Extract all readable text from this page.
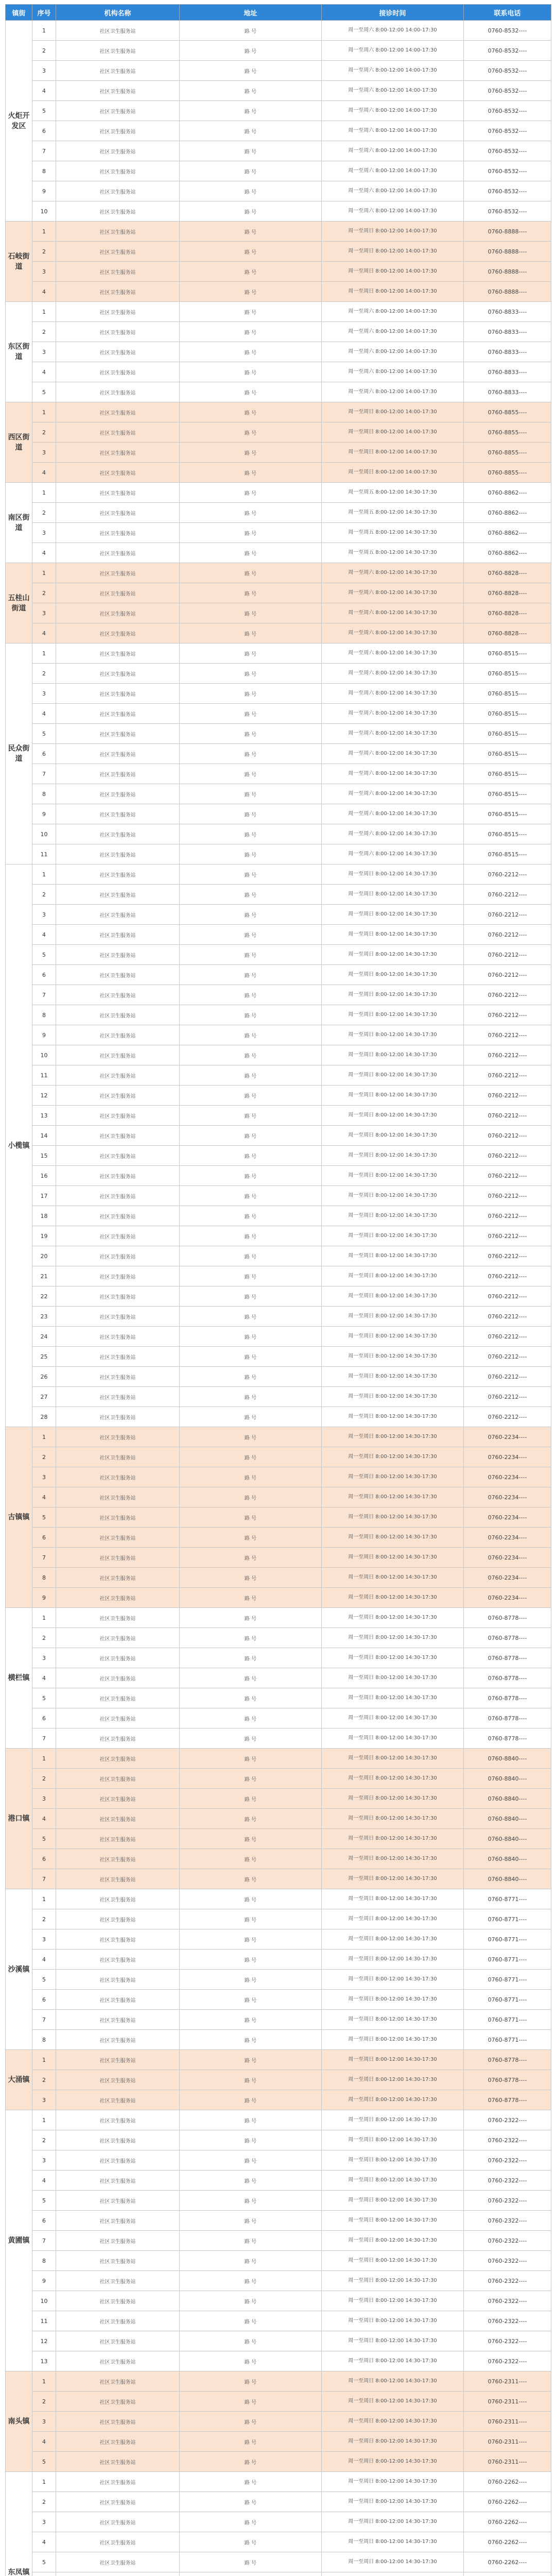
镇街	序号	机构名称	地址	接诊时间	联系电话
火炬开发区	1	社区卫生服务站	路 号	周一至周六 8:00-12:00 14:00-17:30	0760-8532----
	2	社区卫生服务站	路 号	周一至周六 8:00-12:00 14:00-17:30	0760-8532----
	3	社区卫生服务站	路 号	周一至周六 8:00-12:00 14:00-17:30	0760-8532----
	4	社区卫生服务站	路 号	周一至周六 8:00-12:00 14:00-17:30	0760-8532----
	5	社区卫生服务站	路 号	周一至周六 8:00-12:00 14:00-17:30	0760-8532----
	6	社区卫生服务站	路 号	周一至周六 8:00-12:00 14:00-17:30	0760-8532----
	7	社区卫生服务站	路 号	周一至周六 8:00-12:00 14:00-17:30	0760-8532----
	8	社区卫生服务站	路 号	周一至周六 8:00-12:00 14:00-17:30	0760-8532----
	9	社区卫生服务站	路 号	周一至周六 8:00-12:00 14:00-17:30	0760-8532----
	10	社区卫生服务站	路 号	周一至周六 8:00-12:00 14:00-17:30	0760-8532----
石岐街道	1	社区卫生服务站	路 号	周一至周日 8:00-12:00 14:00-17:30	0760-8888----
	2	社区卫生服务站	路 号	周一至周日 8:00-12:00 14:00-17:30	0760-8888----
	3	社区卫生服务站	路 号	周一至周日 8:00-12:00 14:00-17:30	0760-8888----
	4	社区卫生服务站	路 号	周一至周日 8:00-12:00 14:00-17:30	0760-8888----
东区街道	1	社区卫生服务站	路 号	周一至周六 8:00-12:00 14:00-17:30	0760-8833----
	2	社区卫生服务站	路 号	周一至周六 8:00-12:00 14:00-17:30	0760-8833----
	3	社区卫生服务站	路 号	周一至周六 8:00-12:00 14:00-17:30	0760-8833----
	4	社区卫生服务站	路 号	周一至周六 8:00-12:00 14:00-17:30	0760-8833----
	5	社区卫生服务站	路 号	周一至周六 8:00-12:00 14:00-17:30	0760-8833----
西区街道	1	社区卫生服务站	路 号	周一至周日 8:00-12:00 14:00-17:30	0760-8855----
	2	社区卫生服务站	路 号	周一至周日 8:00-12:00 14:00-17:30	0760-8855----
	3	社区卫生服务站	路 号	周一至周日 8:00-12:00 14:00-17:30	0760-8855----
	4	社区卫生服务站	路 号	周一至周日 8:00-12:00 14:00-17:30	0760-8855----
南区街道	1	社区卫生服务站	路 号	周一至周五 8:00-12:00 14:30-17:30	0760-8862----
	2	社区卫生服务站	路 号	周一至周五 8:00-12:00 14:30-17:30	0760-8862----
	3	社区卫生服务站	路 号	周一至周五 8:00-12:00 14:30-17:30	0760-8862----
	4	社区卫生服务站	路 号	周一至周五 8:00-12:00 14:30-17:30	0760-8862----
五桂山街道	1	社区卫生服务站	路 号	周一至周六 8:00-12:00 14:30-17:30	0760-8828----
	2	社区卫生服务站	路 号	周一至周六 8:00-12:00 14:30-17:30	0760-8828----
	3	社区卫生服务站	路 号	周一至周六 8:00-12:00 14:30-17:30	0760-8828----
	4	社区卫生服务站	路 号	周一至周六 8:00-12:00 14:30-17:30	0760-8828----
民众街道	1	社区卫生服务站	路 号	周一至周六 8:00-12:00 14:30-17:30	0760-8515----
	2	社区卫生服务站	路 号	周一至周六 8:00-12:00 14:30-17:30	0760-8515----
	3	社区卫生服务站	路 号	周一至周六 8:00-12:00 14:30-17:30	0760-8515----
	4	社区卫生服务站	路 号	周一至周六 8:00-12:00 14:30-17:30	0760-8515----
	5	社区卫生服务站	路 号	周一至周六 8:00-12:00 14:30-17:30	0760-8515----
	6	社区卫生服务站	路 号	周一至周六 8:00-12:00 14:30-17:30	0760-8515----
	7	社区卫生服务站	路 号	周一至周六 8:00-12:00 14:30-17:30	0760-8515----
	8	社区卫生服务站	路 号	周一至周六 8:00-12:00 14:30-17:30	0760-8515----
	9	社区卫生服务站	路 号	周一至周六 8:00-12:00 14:30-17:30	0760-8515----
	10	社区卫生服务站	路 号	周一至周六 8:00-12:00 14:30-17:30	0760-8515----
	11	社区卫生服务站	路 号	周一至周六 8:00-12:00 14:30-17:30	0760-8515----
小榄镇	1	社区卫生服务站	路 号	周一至周日 8:00-12:00 14:30-17:30	0760-2212----
	2	社区卫生服务站	路 号	周一至周日 8:00-12:00 14:30-17:30	0760-2212----
	3	社区卫生服务站	路 号	周一至周日 8:00-12:00 14:30-17:30	0760-2212----
	4	社区卫生服务站	路 号	周一至周日 8:00-12:00 14:30-17:30	0760-2212----
	5	社区卫生服务站	路 号	周一至周日 8:00-12:00 14:30-17:30	0760-2212----
	6	社区卫生服务站	路 号	周一至周日 8:00-12:00 14:30-17:30	0760-2212----
	7	社区卫生服务站	路 号	周一至周日 8:00-12:00 14:30-17:30	0760-2212----
	8	社区卫生服务站	路 号	周一至周日 8:00-12:00 14:30-17:30	0760-2212----
	9	社区卫生服务站	路 号	周一至周日 8:00-12:00 14:30-17:30	0760-2212----
	10	社区卫生服务站	路 号	周一至周日 8:00-12:00 14:30-17:30	0760-2212----
	11	社区卫生服务站	路 号	周一至周日 8:00-12:00 14:30-17:30	0760-2212----
	12	社区卫生服务站	路 号	周一至周日 8:00-12:00 14:30-17:30	0760-2212----
	13	社区卫生服务站	路 号	周一至周日 8:00-12:00 14:30-17:30	0760-2212----
	14	社区卫生服务站	路 号	周一至周日 8:00-12:00 14:30-17:30	0760-2212----
	15	社区卫生服务站	路 号	周一至周日 8:00-12:00 14:30-17:30	0760-2212----
	16	社区卫生服务站	路 号	周一至周日 8:00-12:00 14:30-17:30	0760-2212----
	17	社区卫生服务站	路 号	周一至周日 8:00-12:00 14:30-17:30	0760-2212----
	18	社区卫生服务站	路 号	周一至周日 8:00-12:00 14:30-17:30	0760-2212----
	19	社区卫生服务站	路 号	周一至周日 8:00-12:00 14:30-17:30	0760-2212----
	20	社区卫生服务站	路 号	周一至周日 8:00-12:00 14:30-17:30	0760-2212----
	21	社区卫生服务站	路 号	周一至周日 8:00-12:00 14:30-17:30	0760-2212----
	22	社区卫生服务站	路 号	周一至周日 8:00-12:00 14:30-17:30	0760-2212----
	23	社区卫生服务站	路 号	周一至周日 8:00-12:00 14:30-17:30	0760-2212----
	24	社区卫生服务站	路 号	周一至周日 8:00-12:00 14:30-17:30	0760-2212----
	25	社区卫生服务站	路 号	周一至周日 8:00-12:00 14:30-17:30	0760-2212----
	26	社区卫生服务站	路 号	周一至周日 8:00-12:00 14:30-17:30	0760-2212----
	27	社区卫生服务站	路 号	周一至周日 8:00-12:00 14:30-17:30	0760-2212----
	28	社区卫生服务站	路 号	周一至周日 8:00-12:00 14:30-17:30	0760-2212----
古镇镇	1	社区卫生服务站	路 号	周一至周日 8:00-12:00 14:30-17:30	0760-2234----
	2	社区卫生服务站	路 号	周一至周日 8:00-12:00 14:30-17:30	0760-2234----
	3	社区卫生服务站	路 号	周一至周日 8:00-12:00 14:30-17:30	0760-2234----
	4	社区卫生服务站	路 号	周一至周日 8:00-12:00 14:30-17:30	0760-2234----
	5	社区卫生服务站	路 号	周一至周日 8:00-12:00 14:30-17:30	0760-2234----
	6	社区卫生服务站	路 号	周一至周日 8:00-12:00 14:30-17:30	0760-2234----
	7	社区卫生服务站	路 号	周一至周日 8:00-12:00 14:30-17:30	0760-2234----
	8	社区卫生服务站	路 号	周一至周日 8:00-12:00 14:30-17:30	0760-2234----
	9	社区卫生服务站	路 号	周一至周日 8:00-12:00 14:30-17:30	0760-2234----
横栏镇	1	社区卫生服务站	路 号	周一至周日 8:00-12:00 14:30-17:30	0760-8778----
	2	社区卫生服务站	路 号	周一至周日 8:00-12:00 14:30-17:30	0760-8778----
	3	社区卫生服务站	路 号	周一至周日 8:00-12:00 14:30-17:30	0760-8778----
	4	社区卫生服务站	路 号	周一至周日 8:00-12:00 14:30-17:30	0760-8778----
	5	社区卫生服务站	路 号	周一至周日 8:00-12:00 14:30-17:30	0760-8778----
	6	社区卫生服务站	路 号	周一至周日 8:00-12:00 14:30-17:30	0760-8778----
	7	社区卫生服务站	路 号	周一至周日 8:00-12:00 14:30-17:30	0760-8778----
港口镇	1	社区卫生服务站	路 号	周一至周日 8:00-12:00 14:30-17:30	0760-8840----
	2	社区卫生服务站	路 号	周一至周日 8:00-12:00 14:30-17:30	0760-8840----
	3	社区卫生服务站	路 号	周一至周日 8:00-12:00 14:30-17:30	0760-8840----
	4	社区卫生服务站	路 号	周一至周日 8:00-12:00 14:30-17:30	0760-8840----
	5	社区卫生服务站	路 号	周一至周日 8:00-12:00 14:30-17:30	0760-8840----
	6	社区卫生服务站	路 号	周一至周日 8:00-12:00 14:30-17:30	0760-8840----
	7	社区卫生服务站	路 号	周一至周日 8:00-12:00 14:30-17:30	0760-8840----
沙溪镇	1	社区卫生服务站	路 号	周一至周日 8:00-12:00 14:30-17:30	0760-8771----
	2	社区卫生服务站	路 号	周一至周日 8:00-12:00 14:30-17:30	0760-8771----
	3	社区卫生服务站	路 号	周一至周日 8:00-12:00 14:30-17:30	0760-8771----
	4	社区卫生服务站	路 号	周一至周日 8:00-12:00 14:30-17:30	0760-8771----
	5	社区卫生服务站	路 号	周一至周日 8:00-12:00 14:30-17:30	0760-8771----
	6	社区卫生服务站	路 号	周一至周日 8:00-12:00 14:30-17:30	0760-8771----
	7	社区卫生服务站	路 号	周一至周日 8:00-12:00 14:30-17:30	0760-8771----
	8	社区卫生服务站	路 号	周一至周日 8:00-12:00 14:30-17:30	0760-8771----
大涌镇	1	社区卫生服务站	路 号	周一至周日 8:00-12:00 14:30-17:30	0760-8778----
	2	社区卫生服务站	路 号	周一至周日 8:00-12:00 14:30-17:30	0760-8778----
	3	社区卫生服务站	路 号	周一至周日 8:00-12:00 14:30-17:30	0760-8778----
黄圃镇	1	社区卫生服务站	路 号	周一至周日 8:00-12:00 14:30-17:30	0760-2322----
	2	社区卫生服务站	路 号	周一至周日 8:00-12:00 14:30-17:30	0760-2322----
	3	社区卫生服务站	路 号	周一至周日 8:00-12:00 14:30-17:30	0760-2322----
	4	社区卫生服务站	路 号	周一至周日 8:00-12:00 14:30-17:30	0760-2322----
	5	社区卫生服务站	路 号	周一至周日 8:00-12:00 14:30-17:30	0760-2322----
	6	社区卫生服务站	路 号	周一至周日 8:00-12:00 14:30-17:30	0760-2322----
	7	社区卫生服务站	路 号	周一至周日 8:00-12:00 14:30-17:30	0760-2322----
	8	社区卫生服务站	路 号	周一至周日 8:00-12:00 14:30-17:30	0760-2322----
	9	社区卫生服务站	路 号	周一至周日 8:00-12:00 14:30-17:30	0760-2322----
	10	社区卫生服务站	路 号	周一至周日 8:00-12:00 14:30-17:30	0760-2322----
	11	社区卫生服务站	路 号	周一至周日 8:00-12:00 14:30-17:30	0760-2322----
	12	社区卫生服务站	路 号	周一至周日 8:00-12:00 14:30-17:30	0760-2322----
	13	社区卫生服务站	路 号	周一至周日 8:00-12:00 14:30-17:30	0760-2322----
南头镇	1	社区卫生服务站	路 号	周一至周日 8:00-12:00 14:30-17:30	0760-2311----
	2	社区卫生服务站	路 号	周一至周日 8:00-12:00 14:30-17:30	0760-2311----
	3	社区卫生服务站	路 号	周一至周日 8:00-12:00 14:30-17:30	0760-2311----
	4	社区卫生服务站	路 号	周一至周日 8:00-12:00 14:30-17:30	0760-2311----
	5	社区卫生服务站	路 号	周一至周日 8:00-12:00 14:30-17:30	0760-2311----
东凤镇	1	社区卫生服务站	路 号	周一至周日 8:00-12:00 14:30-17:30	0760-2262----
	2	社区卫生服务站	路 号	周一至周日 8:00-12:00 14:30-17:30	0760-2262----
	3	社区卫生服务站	路 号	周一至周日 8:00-12:00 14:30-17:30	0760-2262----
	4	社区卫生服务站	路 号	周一至周日 8:00-12:00 14:30-17:30	0760-2262----
	5	社区卫生服务站	路 号	周一至周日 8:00-12:00 14:30-17:30	0760-2262----
